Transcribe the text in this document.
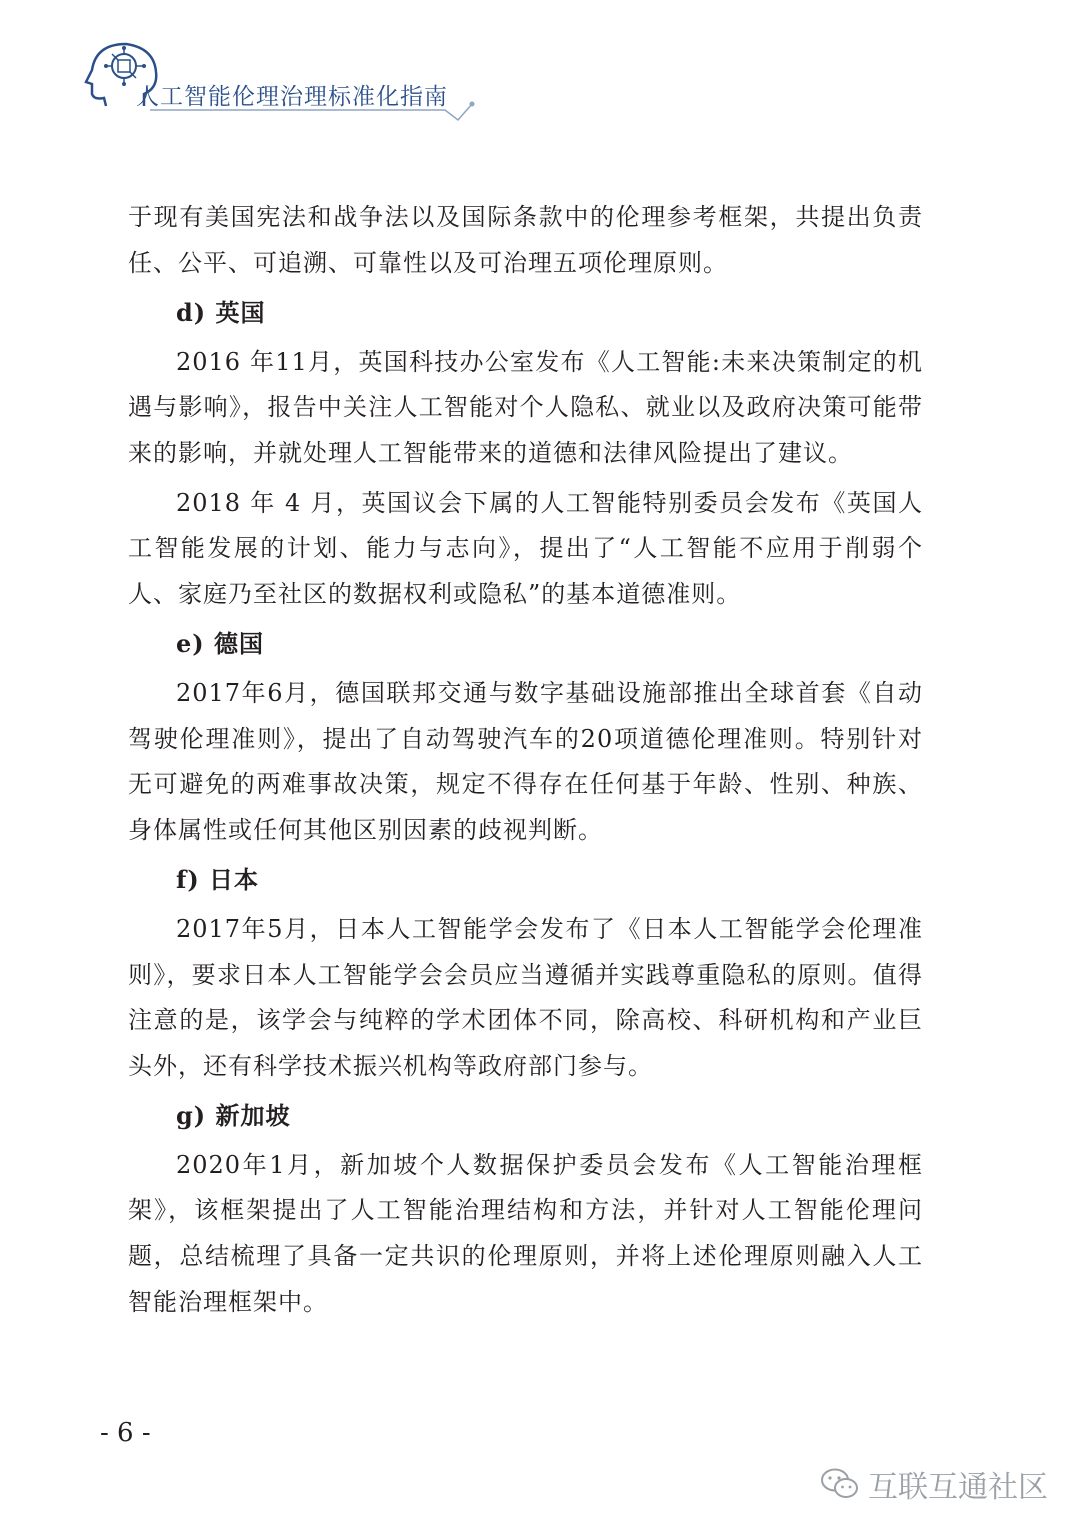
人工智能伦理治理标准化指南

于现有美国宪法和战争法以及国际条款中的伦理参考框架，共提出负责任、公平、可追溯、可靠性以及可治理五项伦理原则。

d) 英国

2016 年11月，英国科技办公室发布《人工智能:未来决策制定的机遇与影响》，报告中关注人工智能对个人隐私、就业以及政府决策可能带来的影响，并就处理人工智能带来的道德和法律风险提出了建议。

2018 年 4 月，英国议会下属的人工智能特别委员会发布《英国人工智能发展的计划、能力与志向》，提出了“人工智能不应用于削弱个人、家庭乃至社区的数据权利或隐私”的基本道德准则。

e) 德国

2017年6月，德国联邦交通与数字基础设施部推出全球首套《自动驾驶伦理准则》，提出了自动驾驶汽车的20项道德伦理准则。特别针对无可避免的两难事故决策，规定不得存在任何基于年龄、性别、种族、身体属性或任何其他区别因素的歧视判断。

f) 日本

2017年5月，日本人工智能学会发布了《日本人工智能学会伦理准则》，要求日本人工智能学会会员应当遵循并实践尊重隐私的原则。值得注意的是，该学会与纯粹的学术团体不同，除高校、科研机构和产业巨头外，还有科学技术振兴机构等政府部门参与。

g) 新加坡

2020年1月，新加坡个人数据保护委员会发布《人工智能治理框架》，该框架提出了人工智能治理结构和方法，并针对人工智能伦理问题，总结梳理了具备一定共识的伦理原则，并将上述伦理原则融入人工智能治理框架中。

- 6 -
互联互通社区
